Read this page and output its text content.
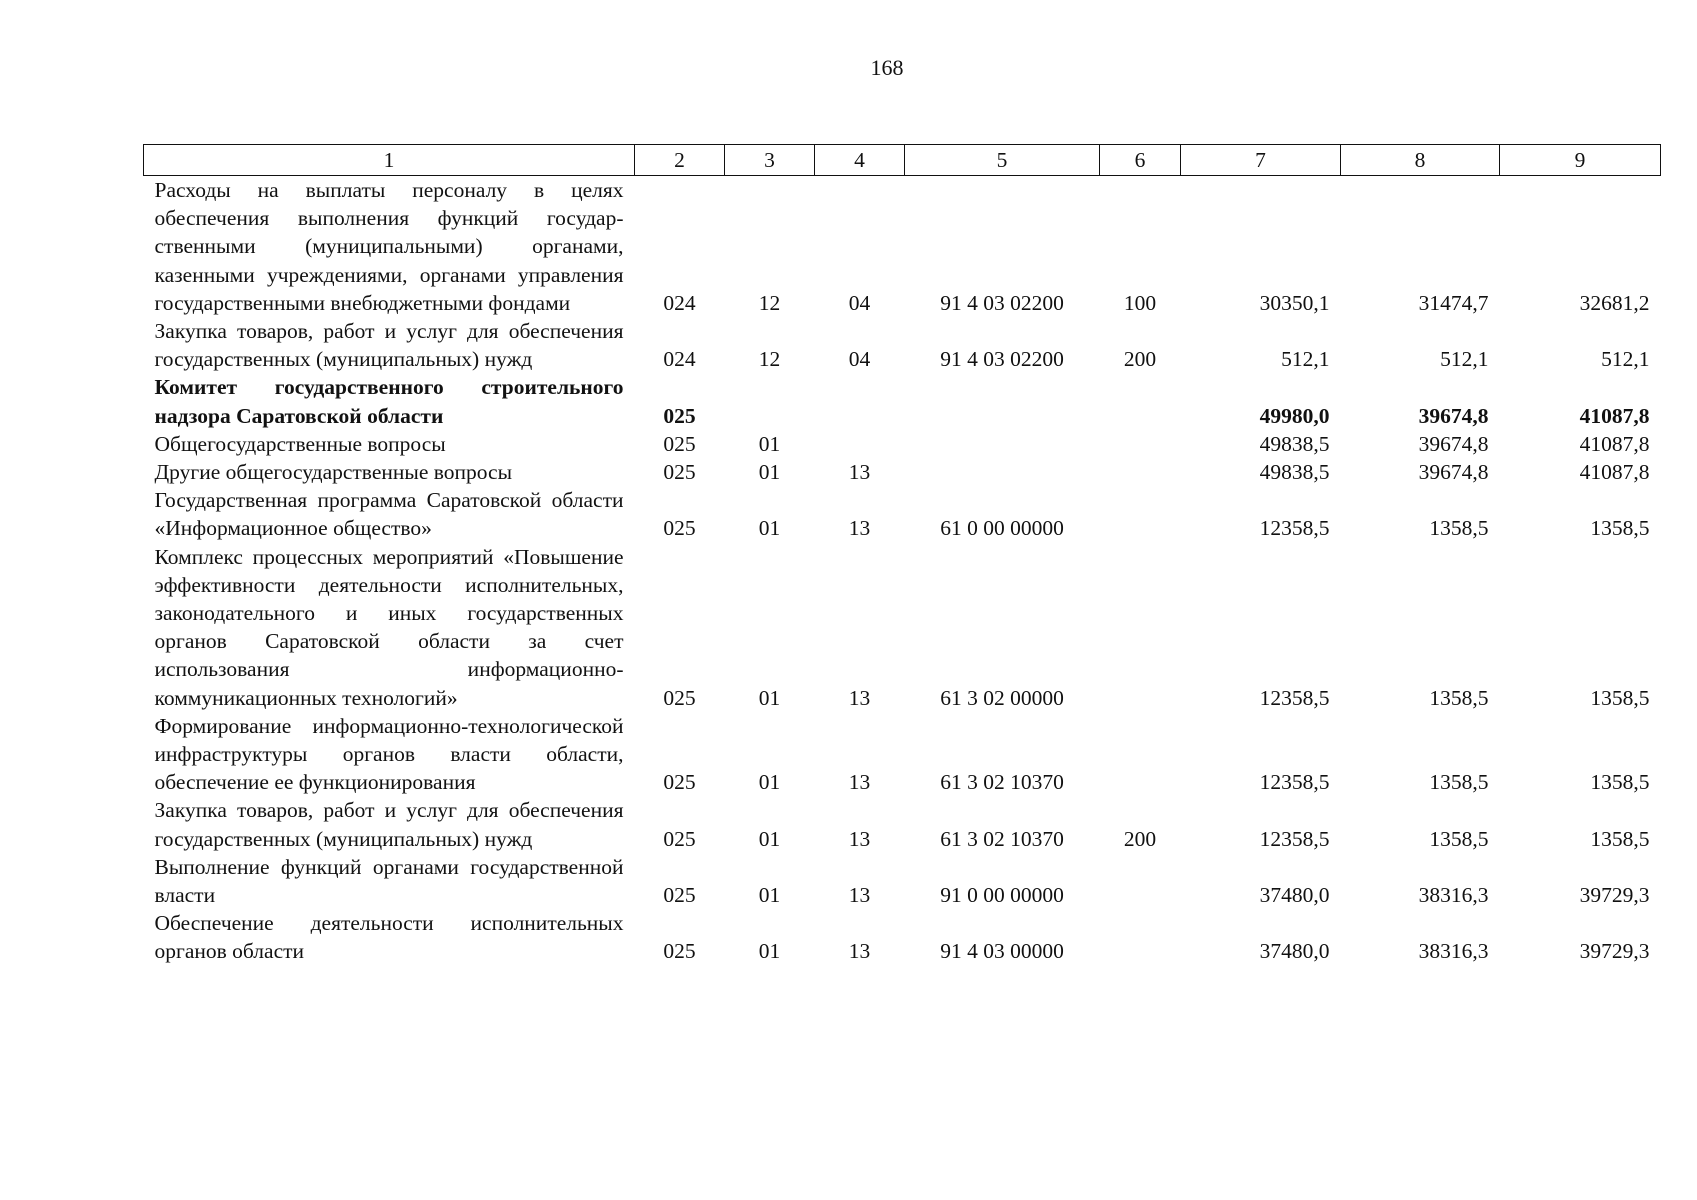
168
1	2	3	4	5	6	7	8	9
Расходы на выплаты персоналу в целях обеспечения выполнения функций государственными (муниципальными) органами, казенными учреждениями, органами управления государственными внебюджетными фондами	024	12	04	91 4 03 02200	100	30350,1	31474,7	32681,2
Закупка товаров, работ и услуг для обеспечения государственных (муниципальных) нужд	024	12	04	91 4 03 02200	200	512,1	512,1	512,1
Комитет государственного строительного надзора Саратовской области	025					49980,0	39674,8	41087,8
Общегосударственные вопросы	025	01				49838,5	39674,8	41087,8
Другие общегосударственные вопросы	025	01	13			49838,5	39674,8	41087,8
Государственная программа Саратовской области «Информационное общество»	025	01	13	61 0 00 00000		12358,5	1358,5	1358,5
Комплекс процессных мероприятий «Повышение эффективности деятельности исполнительных, законодательного и иных государственных органов Саратовской области за счет использования информационно-коммуникационных технологий»	025	01	13	61 3 02 00000		12358,5	1358,5	1358,5
Формирование информационно-технологической инфраструктуры органов власти области, обеспечение ее функционирования	025	01	13	61 3 02 10370		12358,5	1358,5	1358,5
Закупка товаров, работ и услуг для обеспечения государственных (муниципальных) нужд	025	01	13	61 3 02 10370	200	12358,5	1358,5	1358,5
Выполнение функций органами государственной власти	025	01	13	91 0 00 00000		37480,0	38316,3	39729,3
Обеспечение деятельности исполнительных органов области	025	01	13	91 4 03 00000		37480,0	38316,3	39729,3
